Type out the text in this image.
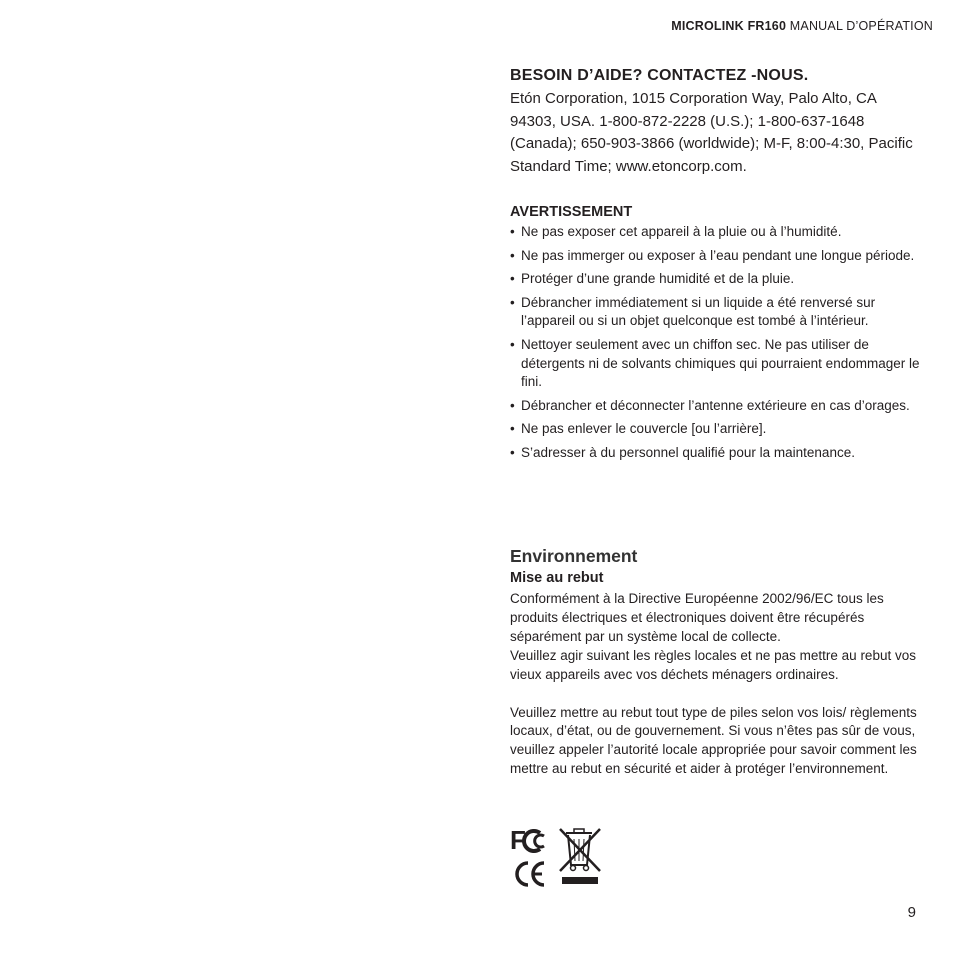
MICROLINK FR160 MANUAL D’OPÉRATION
BESOIN D’AIDE? CONTACTEZ -NOUS.
Etón Corporation, 1015 Corporation Way, Palo Alto, CA 94303, USA. 1-800-872-2228 (U.S.); 1-800-637-1648 (Canada); 650-903-3866 (worldwide); M-F, 8:00-4:30, Pacific Standard Time; www.etoncorp.com.
AVERTISSEMENT
• Ne pas exposer cet appareil à la pluie ou à l’humidité.
• Ne pas immerger ou exposer à l’eau pendant une longue période.
• Protéger d’une grande humidité et de la pluie.
• Débrancher immédiatement si un liquide a été renversé sur l’appareil ou si un objet quelconque est tombé à l’intérieur.
• Nettoyer seulement avec un chiffon sec. Ne pas utiliser de détergents ni de solvants chimiques qui pourraient endommager le fini.
• Débrancher et déconnecter l’antenne extérieure en cas d’orages.
• Ne pas enlever le couvercle [ou l’arrière].
• S’adresser à du personnel qualifié pour la maintenance.
Environnement
Mise au rebut

Conformément à la Directive Européenne 2002/96/EC tous les produits électriques et électroniques doivent être récupérés séparément par un système local de collecte.

Veuillez agir suivant les règles locales et ne pas mettre au rebut vos vieux appareils avec vos déchets ménagers ordinaires.

Veuillez mettre au rebut tout type de piles selon vos lois/ règlements locaux, d’état, ou de gouvernement. Si vous n’êtes pas sûr de vous, veuillez appeler l’autorité locale appropriée pour savoir comment les mettre au rebut en sécurité et aider à protéger l’environnement.

F
9
